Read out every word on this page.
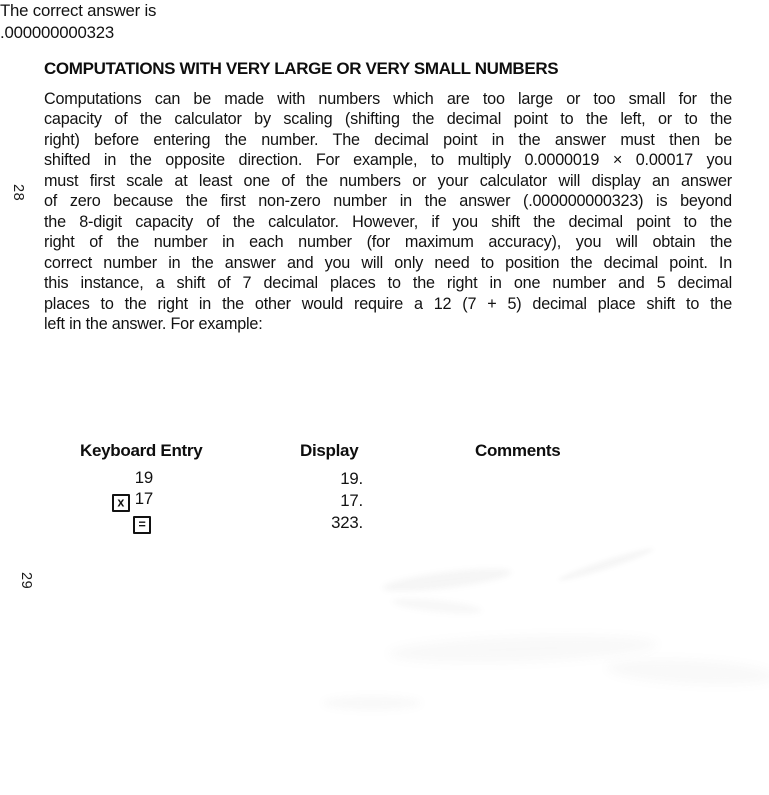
28
29
COMPUTATIONS WITH VERY LARGE OR VERY SMALL NUMBERS
Computations can be made with numbers which are too large or too small for the
capacity of the calculator by scaling (shifting the decimal point to the left, or to the
right) before entering the number. The decimal point in the answer must then be
shifted in the opposite direction. For example, to multiply 0.0000019 × 0.00017 you
must first scale at least one of the numbers or your calculator will display an answer
of zero because the first non-zero number in the answer (.000000000323) is beyond
the 8-digit capacity of the calculator. However, if you shift the decimal point to the
right of the number in each number (for maximum accuracy), you will obtain the
correct number in the answer and you will only need to position the decimal point. In
this instance, a shift of 7 decimal places to the right in one number and 5 decimal
places to the right in the other would require a 12 (7 + 5) decimal place shift to the
left in the answer. For example:
Keyboard Entry	Display	Comments
19	19.
x 17	17.
=	323.
The correct answer is
.000000000323
